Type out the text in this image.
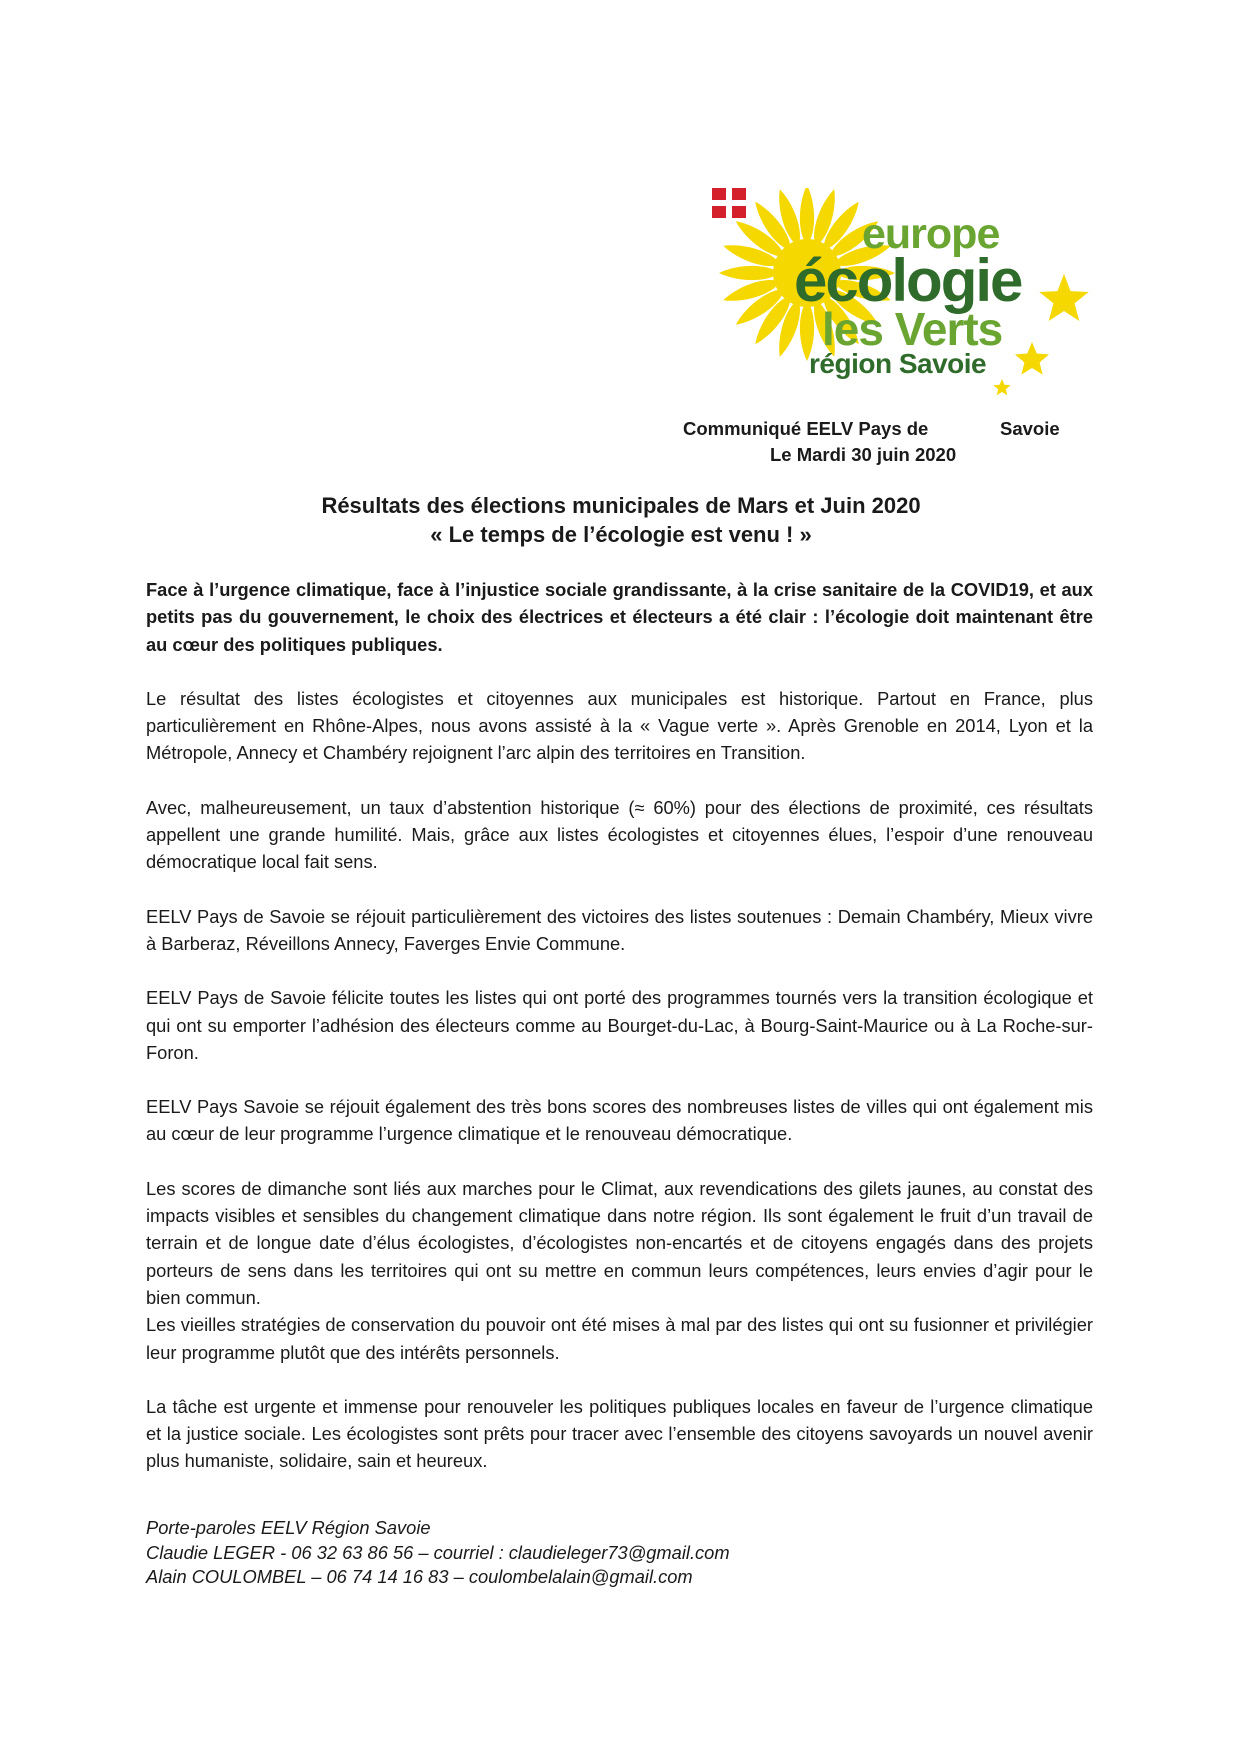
europe
écologie
les Verts
région Savoie
Communiqué EELV Pays de	Savoie
Le Mardi 30 juin 2020
Résultats des élections municipales de Mars et Juin 2020
« Le temps de l’écologie est venu ! »

Face à l’urgence climatique, face à l’injustice sociale grandissante, à la crise sanitaire de la COVID19, et aux petits pas du gouvernement, le choix des électrices et électeurs a été clair : l’écologie doit maintenant être au cœur des politiques publiques.

Le résultat des listes écologistes et citoyennes aux municipales est historique. Partout en France, plus particulièrement en Rhône-Alpes, nous avons assisté à la « Vague verte ». Après Grenoble en 2014, Lyon et la Métropole, Annecy et Chambéry rejoignent l’arc alpin des territoires en Transition.

Avec, malheureusement, un taux d’abstention historique (≈ 60%) pour des élections de proximité, ces résultats appellent une grande humilité. Mais, grâce aux listes écologistes et citoyennes élues, l’espoir d’une renouveau démocratique local fait sens.

EELV Pays de Savoie se réjouit particulièrement des victoires des listes soutenues : Demain Chambéry, Mieux vivre à Barberaz, Réveillons Annecy, Faverges Envie Commune.

EELV Pays de Savoie félicite toutes les listes qui ont porté des programmes tournés vers la transition écologique et qui ont su emporter l’adhésion des électeurs comme au Bourget-du-Lac, à Bourg-Saint-Maurice ou à La Roche-sur-Foron.

EELV Pays Savoie se réjouit également des très bons scores des nombreuses listes de villes qui ont également mis au cœur de leur programme l’urgence climatique et le renouveau démocratique.

Les scores de dimanche sont liés aux marches pour le Climat, aux revendications des gilets jaunes, au constat des impacts visibles et sensibles du changement climatique dans notre région. Ils sont également le fruit d’un travail de terrain et de longue date d’élus écologistes, d’écologistes non-encartés et de citoyens engagés dans des projets porteurs de sens dans les territoires qui ont su mettre en commun leurs compétences, leurs envies d’agir pour le bien commun.

Les vieilles stratégies de conservation du pouvoir ont été mises à mal par des listes qui ont su fusionner et privilégier leur programme plutôt que des intérêts personnels.

La tâche est urgente et immense pour renouveler les politiques publiques locales en faveur de l’urgence climatique et la justice sociale. Les écologistes sont prêts pour tracer avec l’ensemble des citoyens savoyards un nouvel avenir plus humaniste, solidaire, sain et heureux.

Porte-paroles EELV Région Savoie
Claudie LEGER - 06 32 63 86 56 – courriel : claudieleger73@gmail.com
Alain COULOMBEL – 06 74 14 16 83 – coulombelalain@gmail.com
